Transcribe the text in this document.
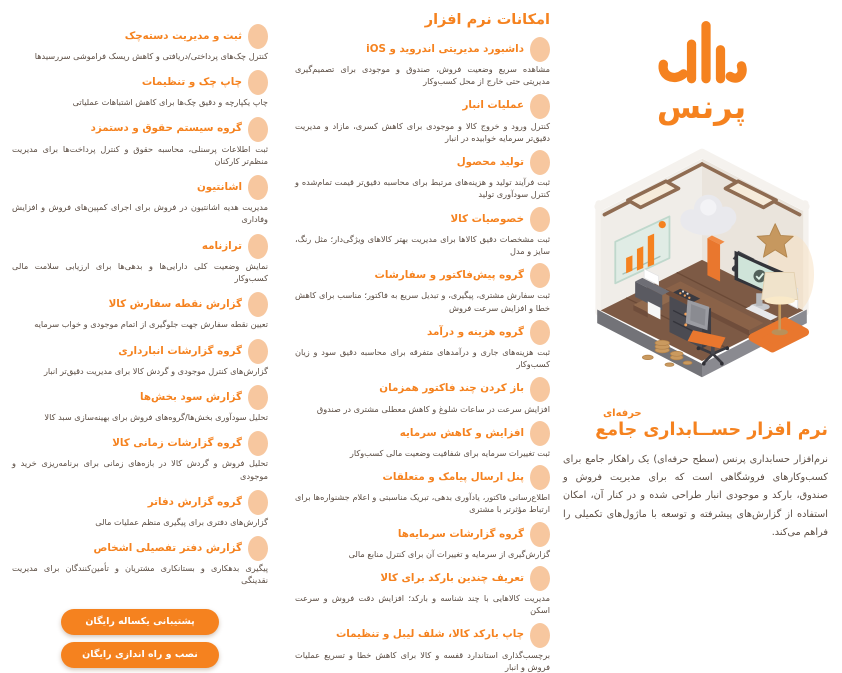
ثبت و مدیریت دسته‌چک

کنترل چک‌های پرداختی/دریافتی و کاهش ریسک فراموشی سررسیدها

چاپ چک و تنظیمات

چاپ یکپارچه و دقیق چک‌ها برای کاهش اشتباهات عملیاتی

گروه سیستم حقوق و دستمزد

ثبت اطلاعات پرسنلی، محاسبه حقوق و کنترل پرداخت‌ها برای مدیریت منظم‌تر کارکنان

اشانتیون

مدیریت هدیه اشانتیون در فروش برای اجرای کمپین‌های فروش و افزایش وفاداری

ترازنامه

نمایش وضعیت کلی دارایی‌ها و بدهی‌ها برای ارزیابی سلامت مالی کسب‌وکار

گزارش نقطه سفارش کالا

تعیین نقطه سفارش جهت جلوگیری از اتمام موجودی و خواب سرمایه

گروه گزارشات انبارداری

گزارش‌های کنترل موجودی و گردش کالا برای مدیریت دقیق‌تر انبار

گزارش سود بخش‌ها

تحلیل سودآوری بخش‌ها/گروه‌های فروش برای بهینه‌سازی سبد کالا

گروه گزارشات زمانی کالا

تحلیل فروش و گردش کالا در بازه‌های زمانی برای برنامه‌ریزی خرید و موجودی

گروه گزارش دفاتر

گزارش‌های دفتری برای پیگیری منظم عملیات مالی

گزارش دفتر تفصیلی اشخاص

پیگیری بدهکاری و بستانکاری مشتریان و تأمین‌کنندگان برای مدیریت نقدینگی

پشتیبانی یکساله رایگان
نصب و راه اندازی رایگان
امکانات نرم افزار
داشبورد مدیریتی اندروید و iOS

مشاهده سریع وضعیت فروش، صندوق و موجودی برای تصمیم‌گیری مدیریتی حتی خارج از محل کسب‌وکار

عملیات انبار

کنترل ورود و خروج کالا و موجودی برای کاهش کسری، مازاد و مدیریت دقیق‌تر سرمایه خوابیده در انبار

تولید محصول

ثبت فرآیند تولید و هزینه‌های مرتبط برای محاسبه دقیق‌تر قیمت تمام‌شده و کنترل سودآوری تولید

خصوصیات کالا

ثبت مشخصات دقیق کالاها برای مدیریت بهتر کالاهای ویژگی‌دار؛ مثل رنگ، سایز و مدل

گروه پیش‌فاکتور و سفارشات

ثبت سفارش مشتری، پیگیری، و تبدیل سریع به فاکتور؛ مناسب برای کاهش خطا و افزایش سرعت فروش

گروه هزینه و درآمد

ثبت هزینه‌های جاری و درآمدهای متفرقه برای محاسبه دقیق سود و زیان کسب‌وکار

باز کردن چند فاکتور همزمان

افزایش سرعت در ساعات شلوغ و کاهش معطلی مشتری در صندوق

افزایش و کاهش سرمایه

ثبت تغییرات سرمایه برای شفافیت وضعیت مالی کسب‌وکار

پنل ارسال پیامک و متعلقات

اطلاع‌رسانی فاکتور، یادآوری بدهی، تبریک مناسبتی و اعلام جشنواره‌ها برای ارتباط مؤثرتر با مشتری

گروه گزارشات سرمایه‌ها

گزارش‌گیری از سرمایه و تغییرات آن برای کنترل منابع مالی

تعریف چندین بارکد برای کالا

مدیریت کالاهایی با چند شناسه و بارکد؛ افزایش دقت فروش و سرعت اسکن

چاپ بارکد کالا، شلف لیبل و تنظیمات

برچسب‌گذاری استاندارد قفسه و کالا برای کاهش خطا و تسریع عملیات فروش و انبار

پرنس

حرفه‌ای

نرم افزار حســابداری جامع

نرم‌افزار حسابداری پرنس (سطح حرفه‌ای) یک راهکار جامع برای کسب‌وکارهای فروشگاهی است که برای مدیریت فروش و صندوق، بارکد و موجودی انبار طراحی شده و در کنار آن، امکان استفاده از گزارش‌های پیشرفته و توسعه با ماژول‌های تکمیلی را فراهم می‌کند.
